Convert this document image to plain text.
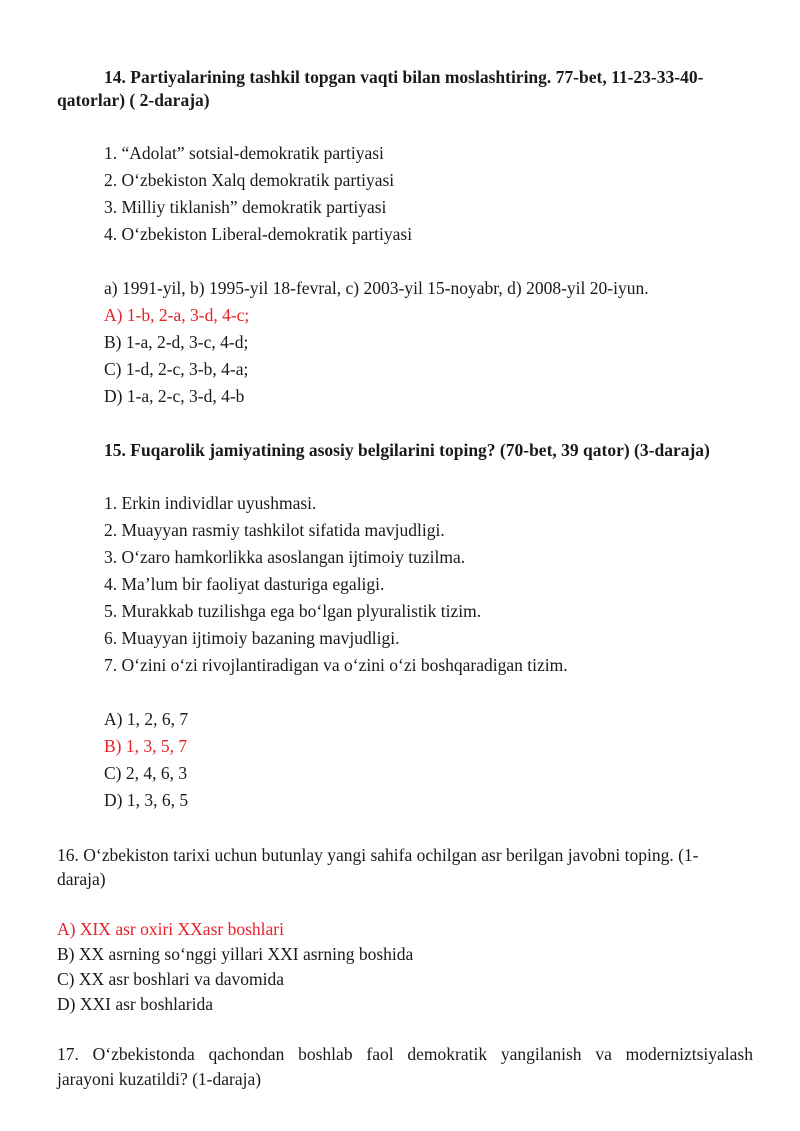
14. Partiyalarining tashkil topgan vaqti bilan moslashtiring. 77-bet, 11-23-33-40-
qatorlar) ( 2-daraja)
1. “Adolat” sotsial-demokratik partiyasi
2. O‘zbekiston Xalq demokratik partiyasi
3. Milliy tiklanish” demokratik partiyasi
4. O‘zbekiston Liberal-demokratik partiyasi
a) 1991-yil, b) 1995-yil 18-fevral, c) 2003-yil 15-noyabr, d) 2008-yil 20-iyun.
A) 1-b, 2-a, 3-d, 4-c;
B) 1-a, 2-d, 3-c, 4-d;
C) 1-d, 2-c, 3-b, 4-a;
D) 1-a, 2-c, 3-d, 4-b
15. Fuqarolik jamiyatining asosiy belgilarini toping? (70-bet, 39 qator) (3-daraja)
1. Erkin individlar uyushmasi.
2. Muayyan rasmiy tashkilot sifatida mavjudligi.
3. O‘zaro hamkorlikka asoslangan ijtimoiy tuzilma.
4. Ma’lum bir faoliyat dasturiga egaligi.
5. Murakkab tuzilishga ega bo‘lgan plyuralistik tizim.
6. Muayyan ijtimoiy bazaning mavjudligi.
7. O‘zini o‘zi rivojlantiradigan va o‘zini o‘zi boshqaradigan tizim.
A) 1, 2, 6, 7
B) 1, 3, 5, 7
C) 2, 4, 6, 3
D) 1, 3, 6, 5
16. O‘zbekiston tarixi uchun butunlay yangi sahifa ochilgan asr berilgan javobni toping. (1-
daraja)
A) XIX asr oxiri XXasr boshlari
B) XX asrning so‘nggi yillari XXI asrning boshida
C) XX asr boshlari va davomida
D) XXI asr boshlarida
17. O‘zbekistonda qachondan boshlab faol demokratik yangilanish va moderniztsiyalash
jarayoni kuzatildi? (1-daraja)
